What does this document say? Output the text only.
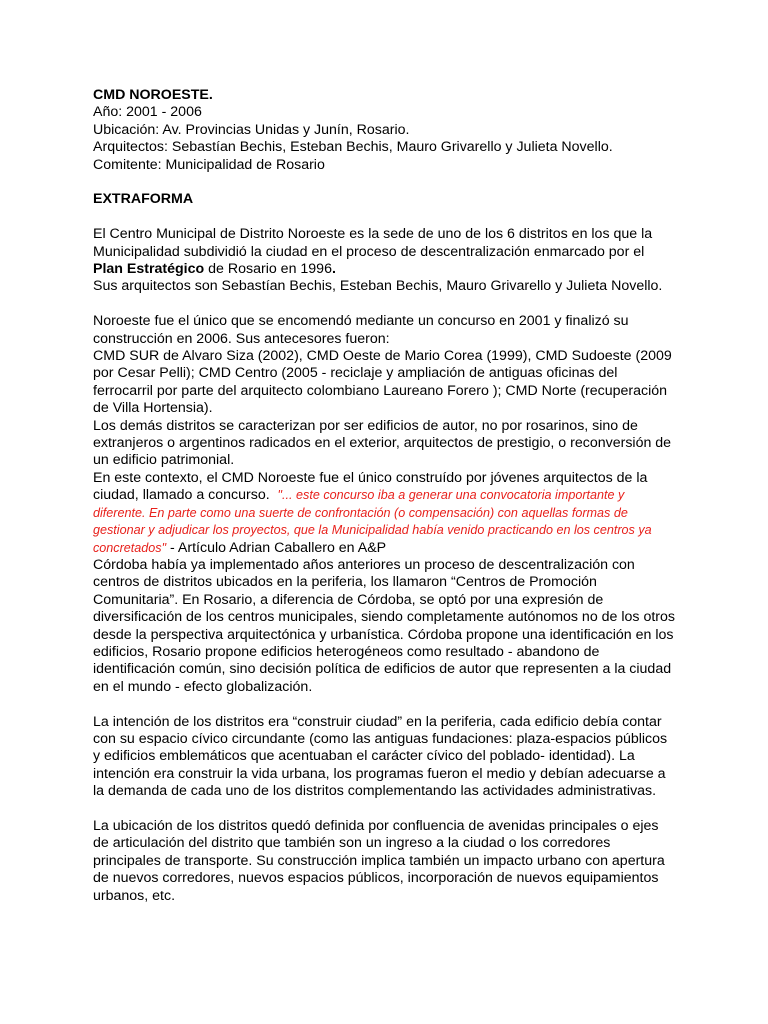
CMD NOROESTE.
Año: 2001 - 2006
Ubicación: Av. Provincias Unidas y Junín, Rosario.
Arquitectos: Sebastían Bechis, Esteban Bechis, Mauro Grivarello y Julieta Novello.
Comitente: Municipalidad de Rosario
EXTRAFORMA
El Centro Municipal de Distrito Noroeste es la sede de uno de los 6 distritos en los que la
Municipalidad subdividió la ciudad en el proceso de descentralización enmarcado por el
Plan Estratégico de Rosario en 1996.
Sus arquitectos son Sebastían Bechis, Esteban Bechis, Mauro Grivarello y Julieta Novello.
Noroeste fue el único que se encomendó mediante un concurso en 2001 y finalizó su
construcción en 2006. Sus antecesores fueron:
CMD SUR de Alvaro Siza (2002), CMD Oeste de Mario Corea (1999), CMD Sudoeste (2009
por Cesar Pelli); CMD Centro (2005 - reciclaje y ampliación de antiguas oficinas del
ferrocarril por parte del arquitecto colombiano Laureano Forero ); CMD Norte (recuperación
de Villa Hortensia).
Los demás distritos se caracterizan por ser edificios de autor, no por rosarinos, sino de
extranjeros o argentinos radicados en el exterior, arquitectos de prestigio, o reconversión de
un edificio patrimonial.
En este contexto, el CMD Noroeste fue el único construído por jóvenes arquitectos de la
ciudad, llamado a concurso.  "... este concurso iba a generar una convocatoria importante y
diferente. En parte como una suerte de confrontación (o compensación) con aquellas formas de
gestionar y adjudicar los proyectos, que la Municipalidad había venido practicando en los centros ya
concretados" - Artículo Adrian Caballero en A&P
Córdoba había ya implementado años anteriores un proceso de descentralización con
centros de distritos ubicados en la periferia, los llamaron “Centros de Promoción
Comunitaria”. En Rosario, a diferencia de Córdoba, se optó por una expresión de
diversificación de los centros municipales, siendo completamente autónomos no de los otros
desde la perspectiva arquitectónica y urbanística. Córdoba propone una identificación en los
edificios, Rosario propone edificios heterogéneos como resultado - abandono de
identificación común, sino decisión política de edificios de autor que representen a la ciudad
en el mundo - efecto globalización.
La intención de los distritos era “construir ciudad” en la periferia, cada edificio debía contar
con su espacio cívico circundante (como las antiguas fundaciones: plaza-espacios públicos
y edificios emblemáticos que acentuaban el carácter cívico del poblado- identidad). La
intención era construir la vida urbana, los programas fueron el medio y debían adecuarse a
la demanda de cada uno de los distritos complementando las actividades administrativas.
La ubicación de los distritos quedó definida por confluencia de avenidas principales o ejes
de articulación del distrito que también son un ingreso a la ciudad o los corredores
principales de transporte. Su construcción implica también un impacto urbano con apertura
de nuevos corredores, nuevos espacios públicos, incorporación de nuevos equipamientos
urbanos, etc.
